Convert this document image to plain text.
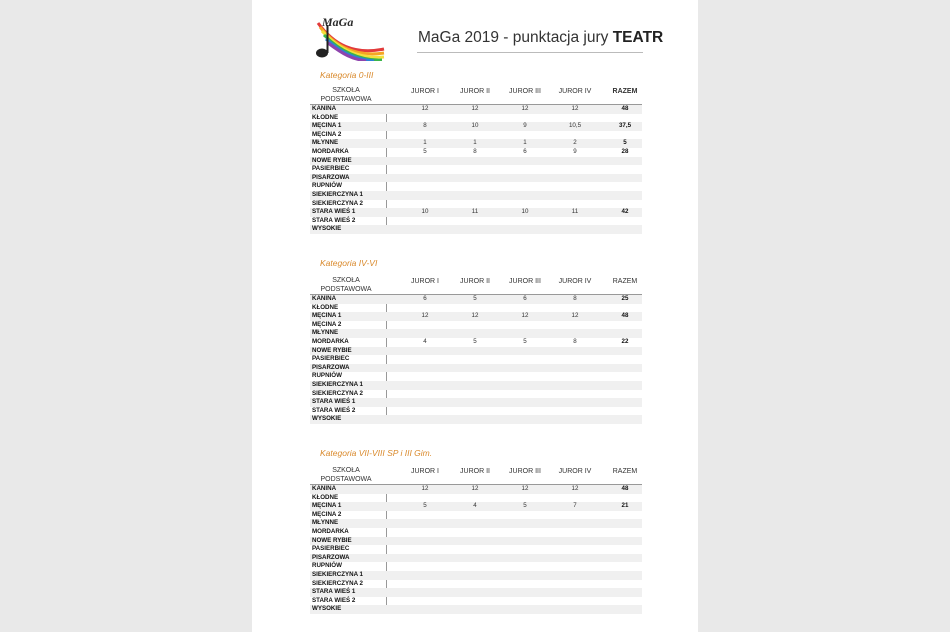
MaGa
MaGa 2019 - punktacja jury TEATR
Kategoria 0-III
SZKOŁA
PODSTAWOWA
JUROR I	JUROR II	JUROR III	JUROR IV	RAZEM
KANINA	12	12	12	12	48
KŁODNE
MĘCINA 1	8	10	9	10,5	37,5
MĘCINA 2
MŁYNNE	1	1	1	2	5
MORDARKA	5	8	6	9	28
NOWE RYBIE
PASIERBIEC
PISARZOWA
RUPNIÓW
SIEKIERCZYNA 1
SIEKIERCZYNA 2
STARA WIEŚ 1	10	11	10	11	42
STARA WIEŚ 2
WYSOKIE
Kategoria IV-VI
SZKOŁA
PODSTAWOWA
JUROR I	JUROR II	JUROR III	JUROR IV	RAZEM
KANINA	6	5	6	8	25
KŁODNE
MĘCINA 1	12	12	12	12	48
MĘCINA 2
MŁYNNE
MORDARKA	4	5	5	8	22
NOWE RYBIE
PASIERBIEC
PISARZOWA
RUPNIÓW
SIEKIERCZYNA 1
SIEKIERCZYNA 2
STARA WIEŚ 1
STARA WIEŚ 2
WYSOKIE
Kategoria VII-VIII SP i III Gim.
SZKOŁA
PODSTAWOWA
JUROR I	JUROR II	JUROR III	JUROR IV	RAZEM
KANINA	12	12	12	12	48
KŁODNE
MĘCINA 1	5	4	5	7	21
MĘCINA 2
MŁYNNE
MORDARKA
NOWE RYBIE
PASIERBIEC
PISARZOWA
RUPNIÓW
SIEKIERCZYNA 1
SIEKIERCZYNA 2
STARA WIEŚ 1
STARA WIEŚ 2
WYSOKIE
